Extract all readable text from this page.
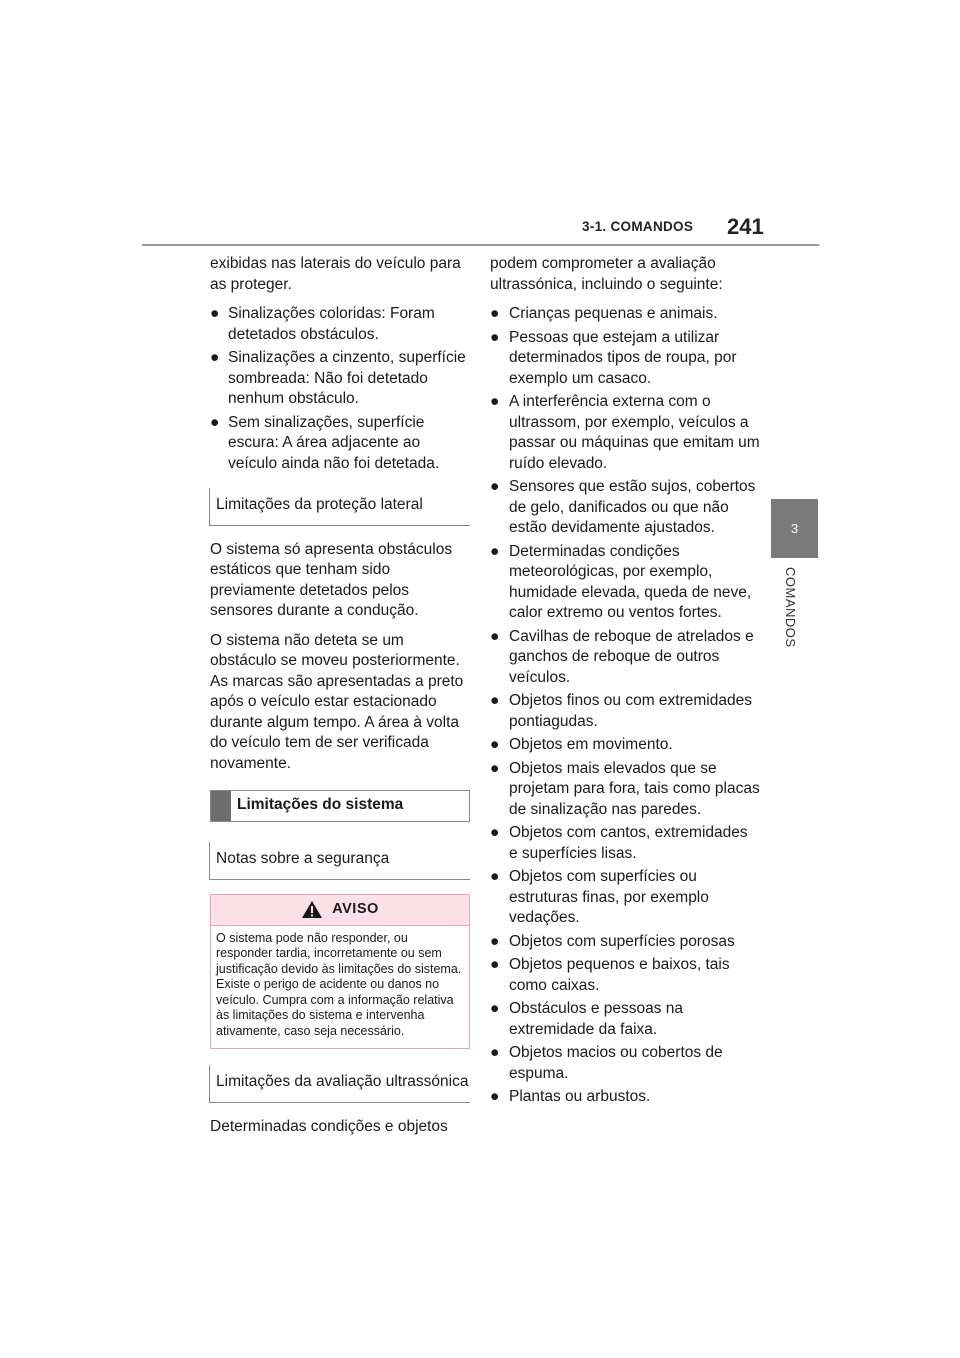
3-1. COMANDOS 241
3
COMANDOS

exibidas nas laterais do veículo para as proteger.

● Sinalizações coloridas: Foram detetados obstáculos.
● Sinalizações a cinzento, superfície sombreada: Não foi detetado nenhum obstáculo.
● Sem sinalizações, superfície escura: A área adjacente ao veículo ainda não foi detetada.
Limitações da proteção lateral

O sistema só apresenta obstáculos estáticos que tenham sido previamente detetados pelos sensores durante a condução.

O sistema não deteta se um obstáculo se moveu posteriormente. As marcas são apresentadas a preto após o veículo estar estacionado durante algum tempo. A área à volta do veículo tem de ser verificada novamente.

Limitações do sistema
Notas sobre a segurança
AVISO
O sistema pode não responder, ou responder tardia, incorretamente ou sem justificação devido às limitações do sistema. Existe o perigo de acidente ou danos no veículo. Cumpra com a informação relativa às limitações do sistema e intervenha ativamente, caso seja necessário.
Limitações da avaliação ultrassónica

Determinadas condições e objetos

podem comprometer a avaliação ultrassónica, incluindo o seguinte:

● Crianças pequenas e animais.
● Pessoas que estejam a utilizar determinados tipos de roupa, por exemplo um casaco.
● A interferência externa com o ultrassom, por exemplo, veículos a passar ou máquinas que emitam um ruído elevado.
● Sensores que estão sujos, cobertos de gelo, danificados ou que não estão devidamente ajustados.
● Determinadas condições meteorológicas, por exemplo, humidade elevada, queda de neve, calor extremo ou ventos fortes.
● Cavilhas de reboque de atrelados e ganchos de reboque de outros veículos.
● Objetos finos ou com extremidades pontiagudas.
● Objetos em movimento.
● Objetos mais elevados que se projetam para fora, tais como placas de sinalização nas paredes.
● Objetos com cantos, extremidades e superfícies lisas.
● Objetos com superfícies ou estruturas finas, por exemplo vedações.
● Objetos com superfícies porosas
● Objetos pequenos e baixos, tais como caixas.
● Obstáculos e pessoas na extremidade da faixa.
● Objetos macios ou cobertos de espuma.
● Plantas ou arbustos.
